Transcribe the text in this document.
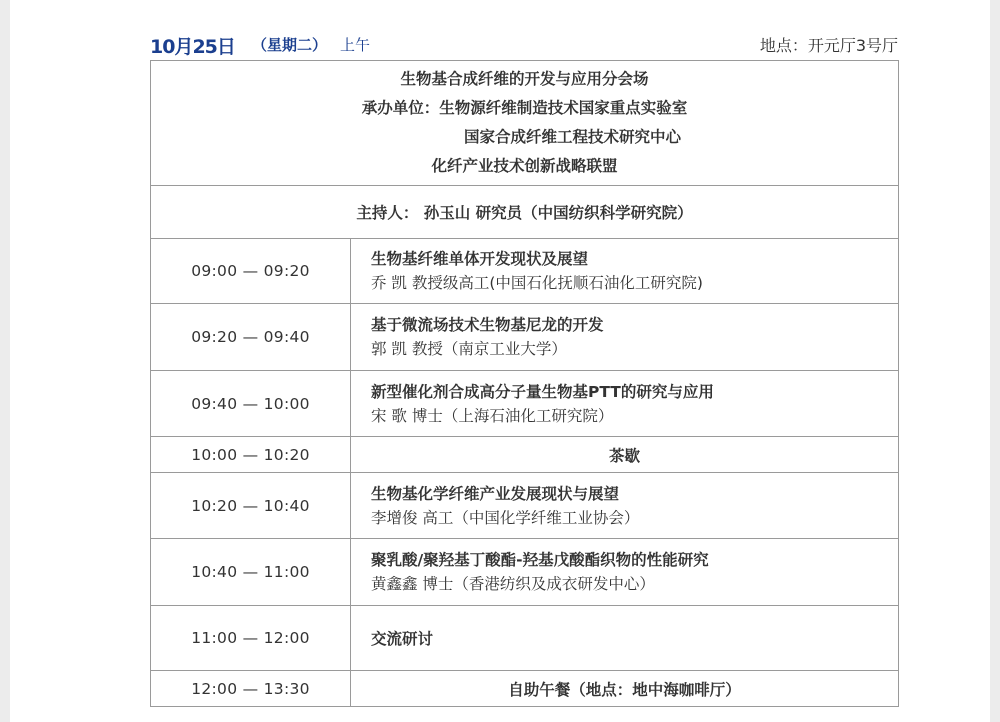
10月25日 （星期二） 上午	地点：开元厅3号厅
生物基合成纤维的开发与应用分会场
承办单位：生物源纤维制造技术国家重点实验室
国家合成纤维工程技术研究中心
化纤产业技术创新战略联盟	

主持人： 孙玉山 研究员（中国纺织科学研究院）	
09:00 — 09:20	生物基纤维单体开发现状及展望
乔 凯 教授级高工(中国石化抚顺石油化工研究院)

09:20 — 09:40	基于微流场技术生物基尼龙的开发
郭 凯 教授（南京工业大学）

09:40 — 10:00	新型催化剂合成高分子量生物基PTT的研究与应用
宋 歌 博士（上海石油化工研究院）

10:00 — 10:20	茶歇
10:20 — 10:40	生物基化学纤维产业发展现状与展望
李增俊 高工（中国化学纤维工业协会）

10:40 — 11:00	聚乳酸/聚羟基丁酸酯-羟基戊酸酯织物的性能研究
黄鑫鑫 博士（香港纺织及成衣研发中心）

11:00 — 12:00	交流研讨
12:00 — 13:30	自助午餐（地点：地中海咖啡厅）
